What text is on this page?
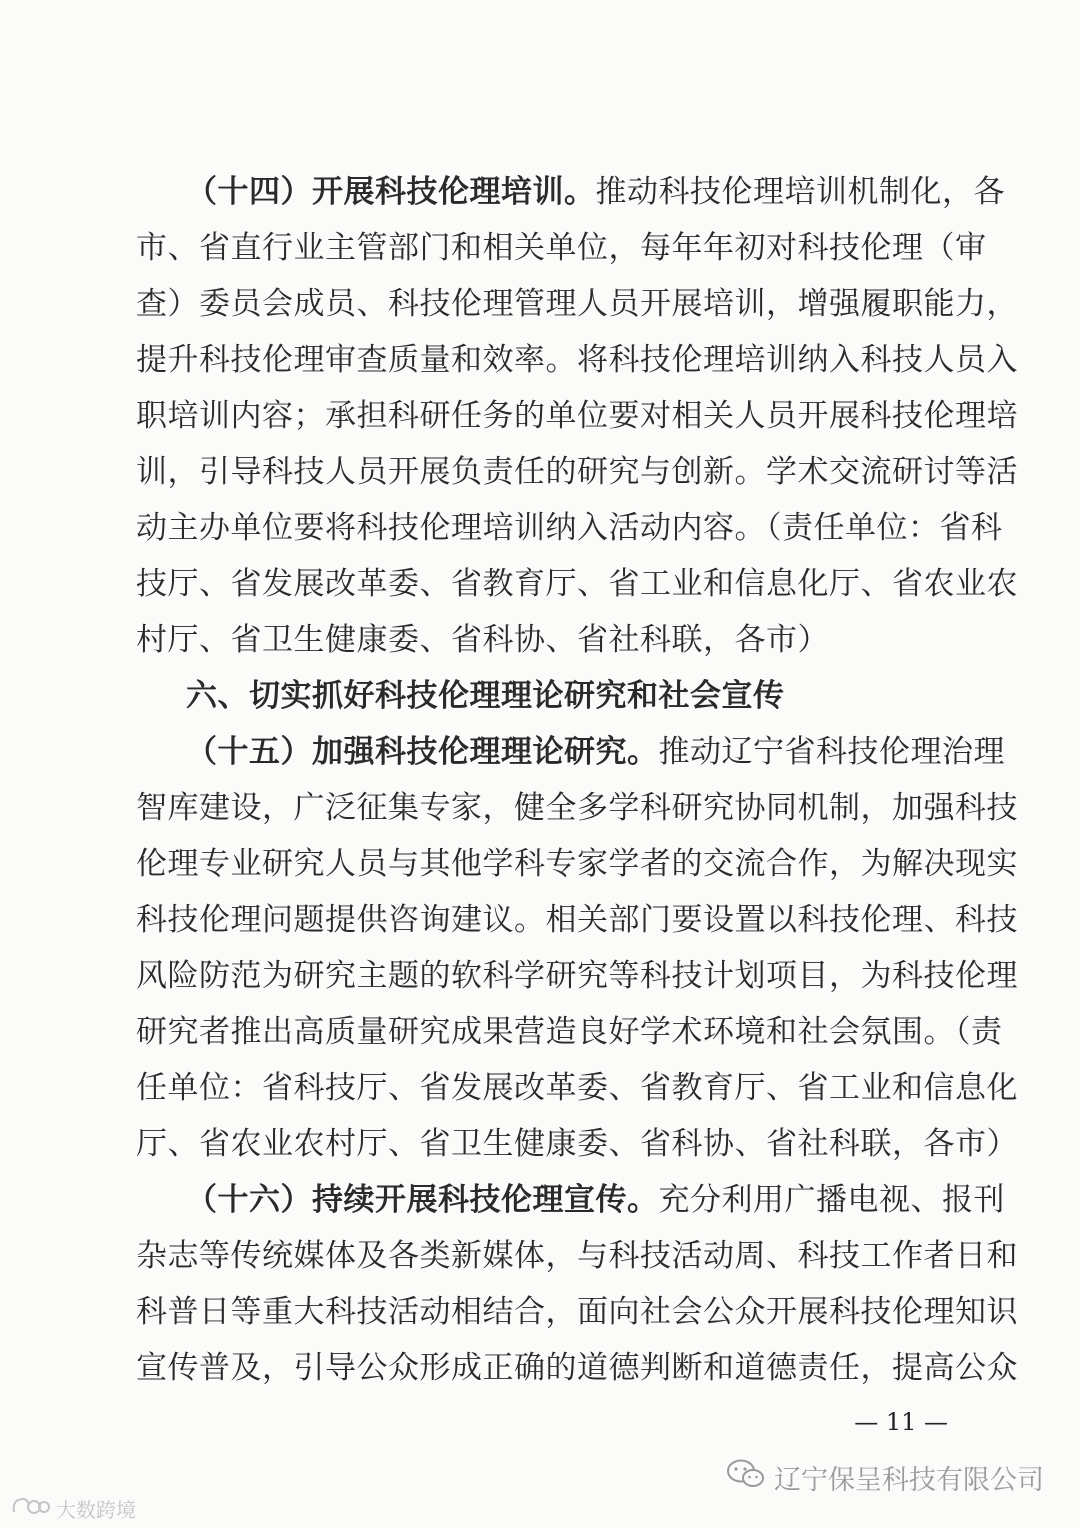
（十四）开展科技伦理培训。推动科技伦理培训机制化，各
市、省直行业主管部门和相关单位，每年年初对科技伦理（审
查）委员会成员、科技伦理管理人员开展培训，增强履职能力，
提升科技伦理审查质量和效率。将科技伦理培训纳入科技人员入
职培训内容；承担科研任务的单位要对相关人员开展科技伦理培
训，引导科技人员开展负责任的研究与创新。学术交流研讨等活
动主办单位要将科技伦理培训纳入活动内容。（责任单位：省科
技厅、省发展改革委、省教育厅、省工业和信息化厅、省农业农
村厅、省卫生健康委、省科协、省社科联，各市）
六、切实抓好科技伦理理论研究和社会宣传
（十五）加强科技伦理理论研究。推动辽宁省科技伦理治理
智库建设，广泛征集专家，健全多学科研究协同机制，加强科技
伦理专业研究人员与其他学科专家学者的交流合作，为解决现实
科技伦理问题提供咨询建议。相关部门要设置以科技伦理、科技
风险防范为研究主题的软科学研究等科技计划项目，为科技伦理
研究者推出高质量研究成果营造良好学术环境和社会氛围。（责
任单位：省科技厅、省发展改革委、省教育厅、省工业和信息化
厅、省农业农村厅、省卫生健康委、省科协、省社科联，各市）
（十六）持续开展科技伦理宣传。充分利用广播电视、报刊
杂志等传统媒体及各类新媒体，与科技活动周、科技工作者日和
科普日等重大科技活动相结合，面向社会公众开展科技伦理知识
宣传普及，引导公众形成正确的道德判断和道德责任，提高公众
— 11 —
辽宁保呈科技有限公司
大数跨境
